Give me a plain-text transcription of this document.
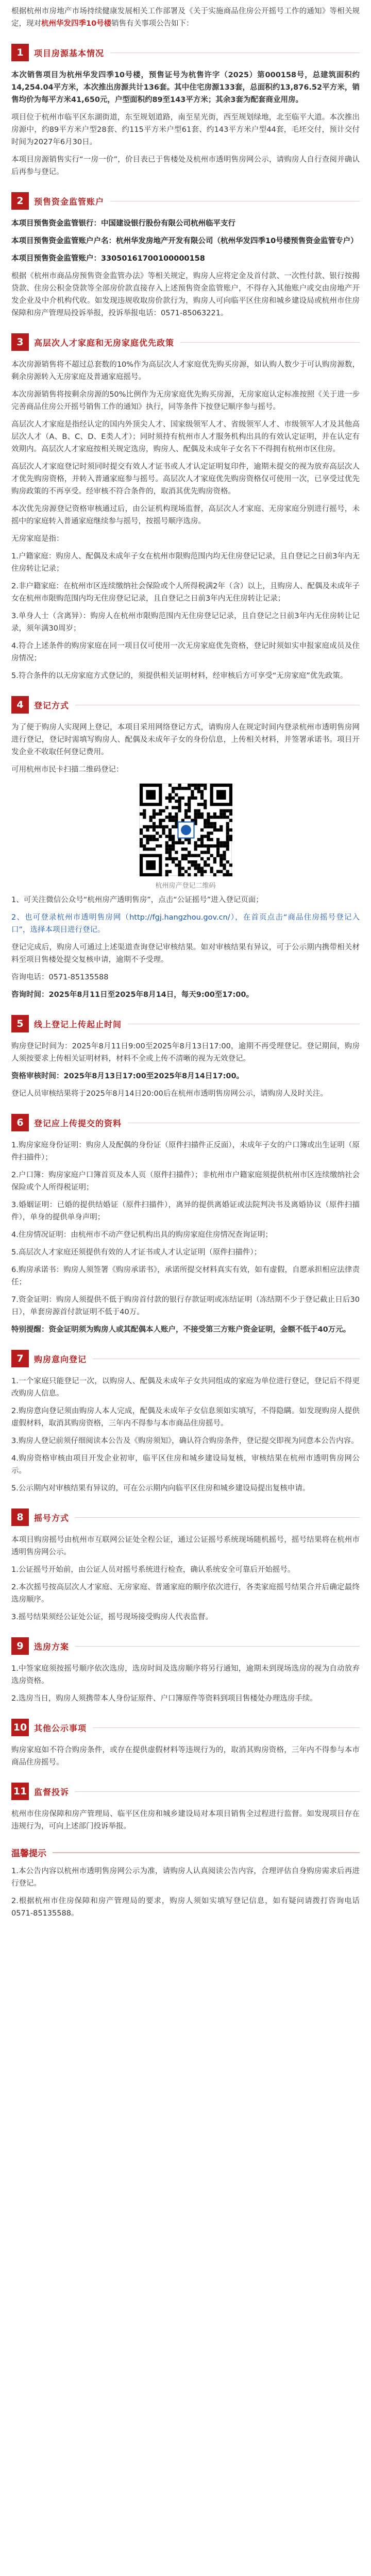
根据杭州市房地产市场持续健康发展相关工作部署及《关于实施商品住房公开摇号工作的通知》等相关规定，现对杭州华发四季10号楼销售有关事项公告如下：

1	项目房源基本情况

本次销售项目为杭州华发四季10号楼，预售证号为杭售许字（2025）第000158号，总建筑面积约14,254.04平方米，本次推出房源共计136套。其中住宅房源133套，总面积约13,876.52平方米，销售均价为每平方米41,650元，户型面积约89至143平方米；其余3套为配套商业用房。

项目位于杭州市临平区东湖街道，东至规划道路，南至星光街，西至规划绿地，北至临平大道。本次推出房源中，约89平方米户型28套、约115平方米户型61套、约143平方米户型44套，毛坯交付，预计交付时间为2027年6月30日。

本项目房源销售实行“一房一价”，价目表已于售楼处及杭州市透明售房网公示，请购房人自行查阅并确认后再参与登记。

2	预售资金监管账户

本项目预售资金监管银行：中国建设银行股份有限公司杭州临平支行

本项目预售资金监管账户户名：杭州华发房地产开发有限公司（杭州华发四季10号楼预售资金监管专户）

本项目预售资金监管账户：33050161700100000158

根据《杭州市商品房预售资金监管办法》等相关规定，购房人应将定金及首付款、一次性付款、银行按揭贷款、住房公积金贷款等全部房价款直接存入上述预售资金监管账户，不得存入其他账户或交由房地产开发企业及中介机构代收。如发现违规收取房价款行为，购房人可向临平区住房和城乡建设局或杭州市住房保障和房产管理局投诉举报，投诉举报电话：0571-85063221。

3	高层次人才家庭和无房家庭优先政策

本次房源销售将不超过总套数的10%作为高层次人才家庭优先购买房源，如认购人数少于可认购房源数，剩余房源转入无房家庭及普通家庭摇号。

本次房源销售将按剩余房源的50%比例作为无房家庭优先购买房源，无房家庭认定标准按照《关于进一步完善商品住房公开摇号销售工作的通知》执行，同等条件下按登记顺序参与摇号。

高层次人才家庭是指经认定的国内外顶尖人才、国家级领军人才、省级领军人才、市级领军人才及其他高层次人才（A、B、C、D、E类人才）；同时须持有杭州市人才服务机构出具的有效认定证明，并在认定有效期内。高层次人才家庭按相关规定选房，购房人、配偶及未成年子女名下不得拥有杭州市区住房。

高层次人才家庭登记时须同时提交有效人才证书或人才认定证明复印件，逾期未提交的视为放弃高层次人才优先购房资格，并转入普通家庭参与摇号。高层次人才家庭优先购房资格仅可使用一次，已享受过优先购房政策的不再享受。经审核不符合条件的，取消其优先购房资格。

本次优先房源登记资格审核通过后，由公证机构现场监督，高层次人才家庭、无房家庭分别进行摇号，未摇中的家庭转入普通家庭继续参与摇号，按摇号顺序选房。

无房家庭是指：

1.户籍家庭：购房人、配偶及未成年子女在杭州市限购范围内均无住房登记记录，且自登记之日前3年内无住房转让记录；

2.非户籍家庭：在杭州市区连续缴纳社会保险或个人所得税满2年（含）以上，且购房人、配偶及未成年子女在杭州市限购范围内均无住房登记记录，且自登记之日前3年内无住房转让记录；

3.单身人士（含离异）：购房人在杭州市限购范围内无住房登记记录，且自登记之日前3年内无住房转让记录，须年满30周岁；

4.符合上述条件的购房家庭在同一项目仅可使用一次无房家庭优先资格，登记时须如实申报家庭成员及住房情况；

5.符合条件的以无房家庭方式登记的，须提供相关证明材料，经审核后方可享受“无房家庭”优先政策。

4	登记方式

为了便于购房人实现网上登记，本项目采用网络登记方式，请购房人在规定时间内登录杭州市透明售房网进行登记，登记时需填写购房人、配偶及未成年子女的身份信息，上传相关材料，并签署承诺书。项目开发企业不收取任何登记费用。

可用杭州市民卡扫描二维码登记：

杭州房产登记二维码

1、可关注微信公众号“杭州房产透明售房”，点击“公证摇号”进入登记页面；

2、也可登录杭州市透明售房网（http://fgj.hangzhou.gov.cn/），在首页点击“商品住房摇号登记入口”，选择本项目进行登记。

登记完成后，购房人可通过上述渠道查询登记审核结果。如对审核结果有异议，可于公示期内携带相关材料至项目售楼处提交复核申请，逾期不予受理。

咨询电话：0571-85135588

咨询时间：2025年8月11日至2025年8月14日，每天9:00至17:00。

5	线上登记上传起止时间

购房登记时间为：2025年8月11日9:00至2025年8月13日17:00，逾期不再受理登记。登记期间，购房人须按要求上传相关证明材料，材料不全或上传不清晰的视为无效登记。

资格审核时间：2025年8月13日17:00至2025年8月14日17:00。

登记人员审核结果将于2025年8月14日20:00后在杭州市透明售房网公示，请购房人及时关注。

6	登记应上传提交的资料

1.购房家庭身份证明：购房人及配偶的身份证（原件扫描件正反面），未成年子女的户口簿或出生证明（原件扫描件）；

2.户口簿：购房家庭户口簿首页及本人页（原件扫描件）；非杭州市户籍家庭须提供杭州市区连续缴纳社会保险或个人所得税证明；

3.婚姻证明：已婚的提供结婚证（原件扫描件），离异的提供离婚证或法院判决书及离婚协议（原件扫描件），单身的提供单身声明；

4.住房情况证明：由杭州市不动产登记机构出具的购房家庭住房情况查询证明；

5.高层次人才家庭还须提供有效的人才证书或人才认定证明（原件扫描件）；

6.购房承诺书：购房人须签署《购房承诺书》，承诺所提交材料真实有效，如有虚假，自愿承担相应法律责任；

7.资金证明：购房人须提供不低于购房首付款的银行存款证明或冻结证明（冻结期不少于登记截止日后30日），单套房源首付款证明不低于40万。

特别提醒：资金证明须为购房人或其配偶本人账户，不接受第三方账户资金证明，金额不低于40万元。

7	购房意向登记

1.一个家庭只能登记一次，以购房人、配偶及未成年子女共同组成的家庭为单位进行登记，登记后不得更改购房人信息。

2.购房意向登记须由购房人本人完成，配偶及未成年子女信息须如实填写，不得隐瞒。如发现购房人提供虚假材料，取消其购房资格，三年内不得参与本市商品住房摇号。

3.购房人登记前须仔细阅读本公告及《购房须知》，确认符合购房条件，登记提交即视为同意本公告内容。

4.购房资格审核由项目开发企业初审，临平区住房和城乡建设局复核，审核结果在杭州市透明售房网公示。

5.公示期内对审核结果有异议的，可在公示期内向临平区住房和城乡建设局提出复核申请。

8	摇号方式

本项目购房摇号由杭州市互联网公证处全程公证，通过公证摇号系统现场随机摇号，摇号结果将在杭州市透明售房网公示。

1.公证摇号开始前，由公证人员对摇号系统进行检查，确认系统安全可靠后开始摇号。

2.本次摇号按高层次人才家庭、无房家庭、普通家庭的顺序依次进行，各类家庭摇号结果合并后确定最终选房顺序。

3.摇号结果须经公证处公证，摇号现场接受购房人代表监督。

9	选房方案

1.中签家庭须按摇号顺序依次选房，选房时间及选房顺序将另行通知，逾期未到现场选房的视为自动放弃选房资格。

2.选房当日，购房人须携带本人身份证原件、户口簿原件等资料到项目售楼处办理选房手续。

10 其他公示事项

购房家庭如不符合购房条件，或存在提供虚假材料等违规行为的，取消其购房资格，三年内不得参与本市商品住房摇号。

11 监督投诉

杭州市住房保障和房产管理局、临平区住房和城乡建设局对本项目销售全过程进行监督。如发现项目存在违规行为，可向上述部门投诉举报。

温馨提示

1.本公告内容以杭州市透明售房网公示为准，请购房人认真阅读公告内容，合理评估自身购房需求后再进行登记。

2.根据杭州市住房保障和房产管理局的要求，购房人须如实填写登记信息，如有疑问请拨打咨询电话0571-85135588。
